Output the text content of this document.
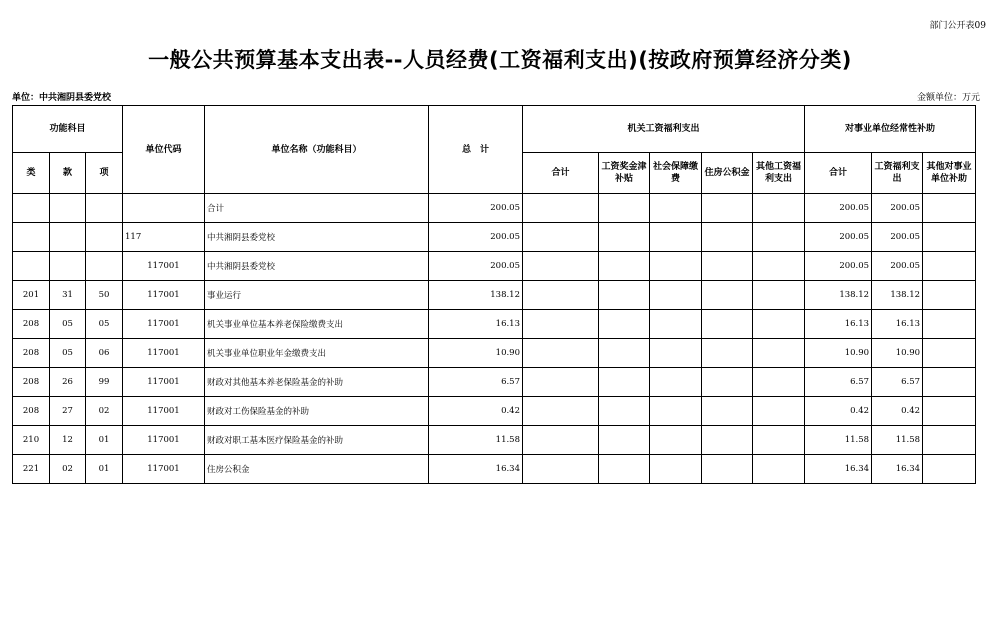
部门公开表09
一般公共预算基本支出表--人员经费(工资福利支出)(按政府预算经济分类)
单位：中共湘阴县委党校	金额单位：万元
功能科目			单位代码	单位名称（功能科目）	总　计	机关工资福利支出					对事业单位经常性补助		
类	款	项				合计	工资奖金津补贴	社会保障缴费	住房公积金	其他工资福利支出	合计	工资福利支出	其他对事业单位补助
				合计	200.05						200.05	200.05	
			117	中共湘阴县委党校	200.05						200.05	200.05	
			117001	中共湘阴县委党校	200.05						200.05	200.05	
201	31	50	117001	事业运行	138.12						138.12	138.12	
208	05	05	117001	机关事业单位基本养老保险缴费支出	16.13						16.13	16.13	
208	05	06	117001	机关事业单位职业年金缴费支出	10.90						10.90	10.90	
208	26	99	117001	财政对其他基本养老保险基金的补助	6.57						6.57	6.57	
208	27	02	117001	财政对工伤保险基金的补助	0.42						0.42	0.42	
210	12	01	117001	财政对职工基本医疗保险基金的补助	11.58						11.58	11.58	
221	02	01	117001	住房公积金	16.34						16.34	16.34	
